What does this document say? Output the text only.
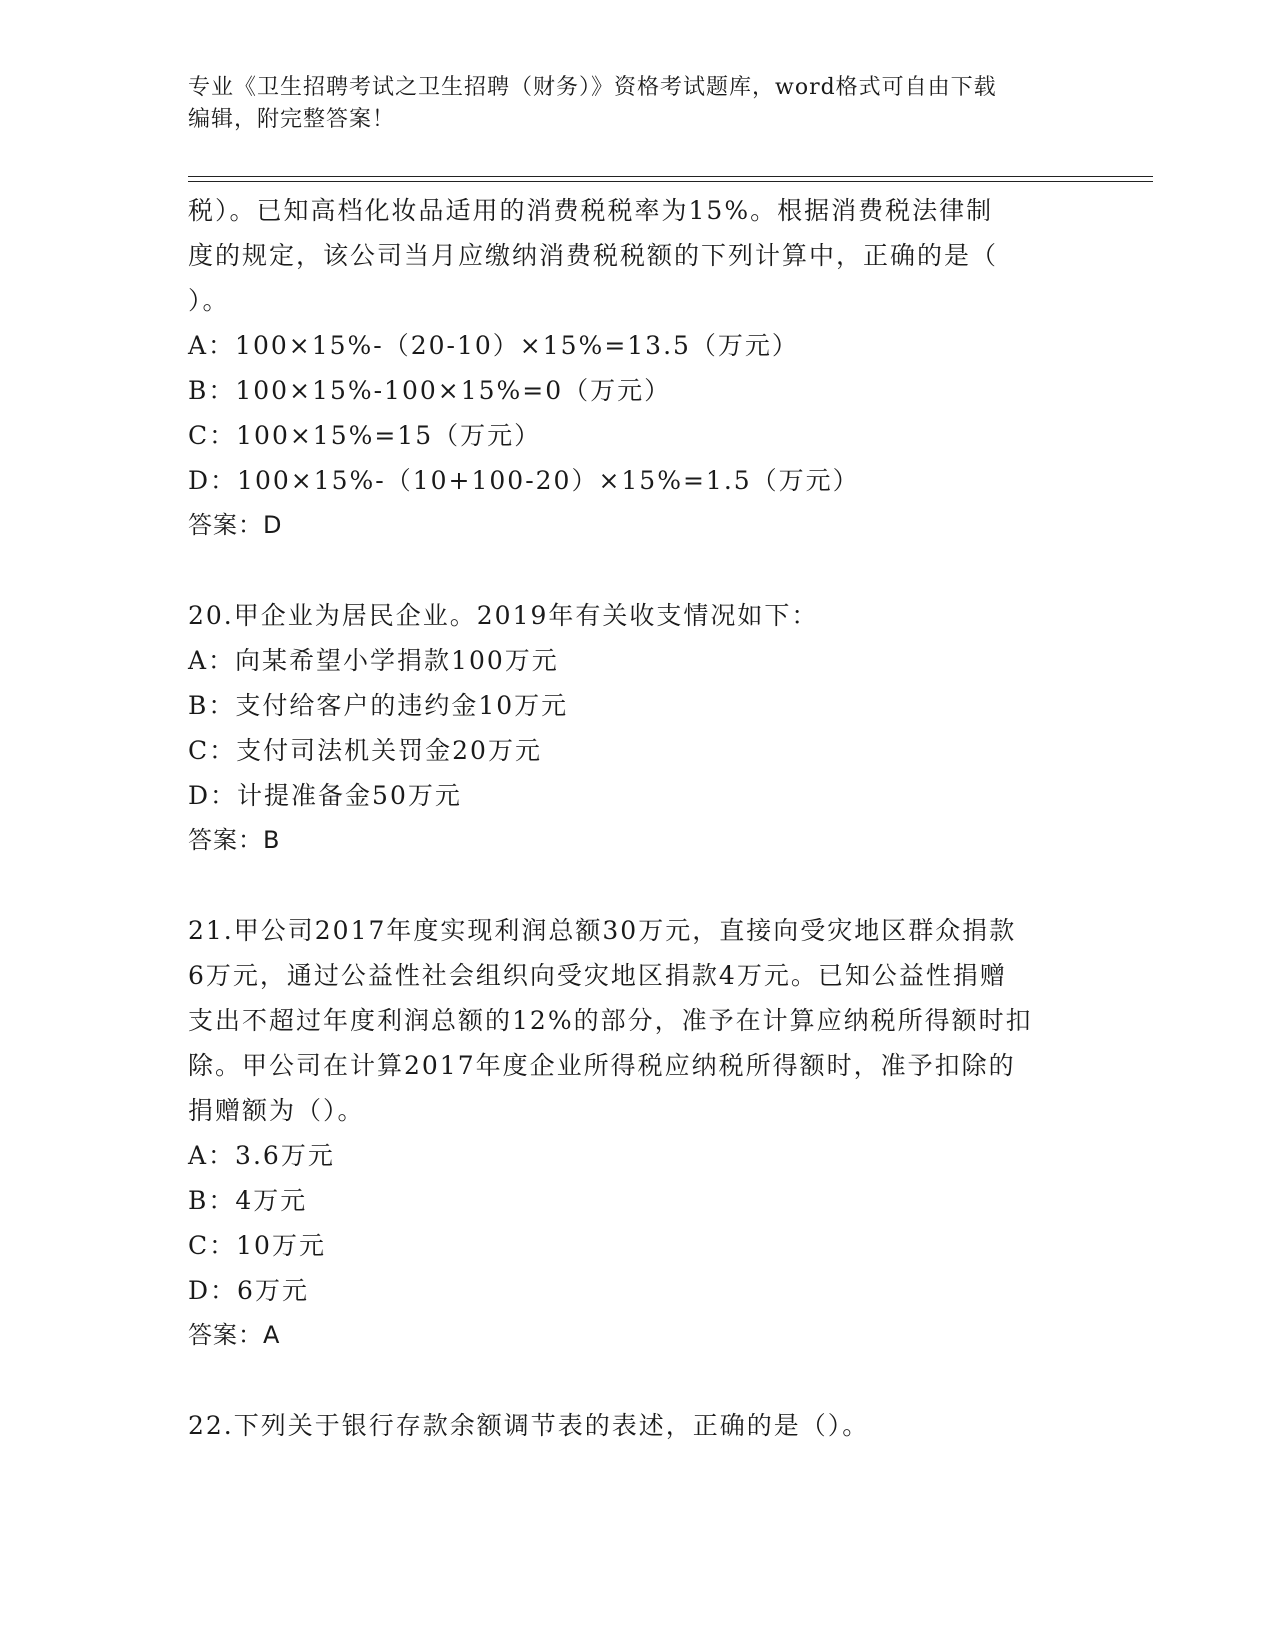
专业《卫生招聘考试之卫生招聘（财务）》资格考试题库，word格式可自由下载
编辑，附完整答案！
税）。已知高档化妆品适用的消费税税率为15%。根据消费税法律制
度的规定，该公司当月应缴纳消费税税额的下列计算中，正确的是（
）。
A：100×15%-（20-10）×15%=13.5（万元）
B：100×15%-100×15%=0（万元）
C：100×15%=15（万元）
D：100×15%-（10+100-20）×15%=1.5（万元）
答案：D
20.甲企业为居民企业。2019年有关收支情况如下：
A：向某希望小学捐款100万元
B：支付给客户的违约金10万元
C：支付司法机关罚金20万元
D：计提准备金50万元
答案：B
21.甲公司2017年度实现利润总额30万元，直接向受灾地区群众捐款
6万元，通过公益性社会组织向受灾地区捐款4万元。已知公益性捐赠
支出不超过年度利润总额的12%的部分，准予在计算应纳税所得额时扣
除。甲公司在计算2017年度企业所得税应纳税所得额时，准予扣除的
捐赠额为（）。
A：3.6万元
B：4万元
C：10万元
D：6万元
答案：A
22.下列关于银行存款余额调节表的表述，正确的是（）。
